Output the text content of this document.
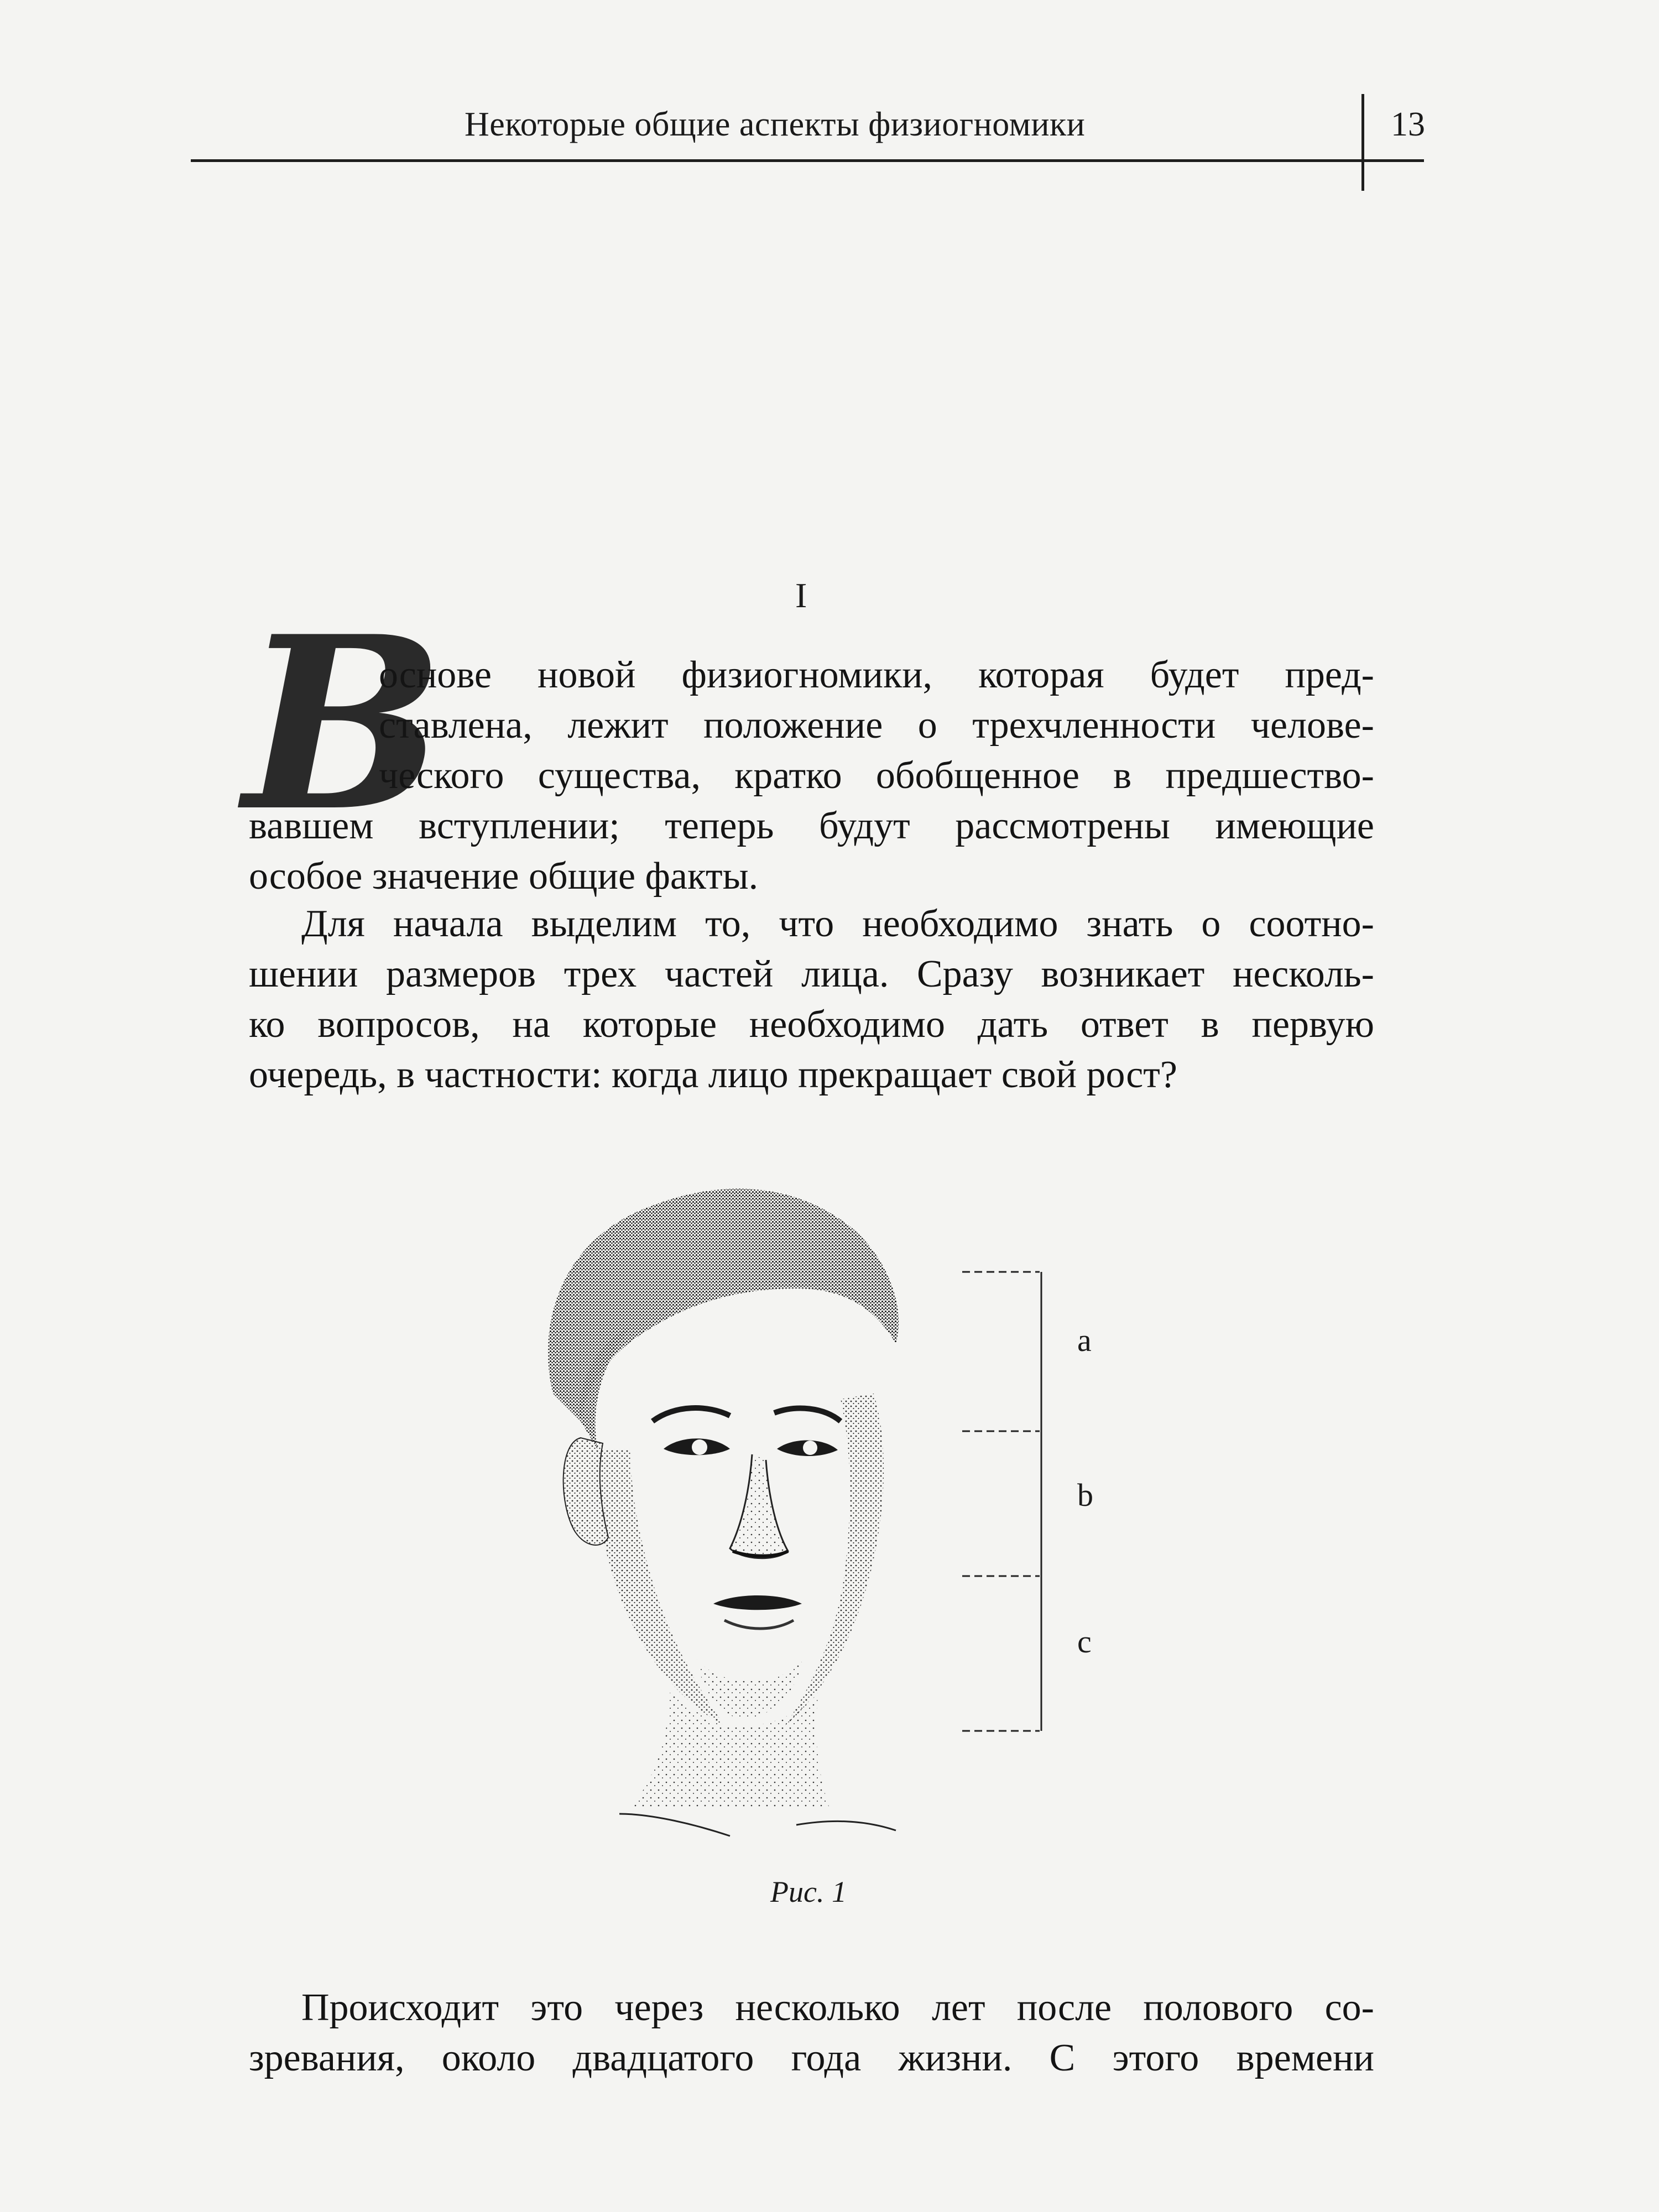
Некоторые общие аспекты физиогномики	13
I
В
основе новой физиогномики, которая будет пред-
ставлена, лежит положение о трехчленности челове-
ческого существа, кратко обобщенное в предшество-
вавшем вступлении; теперь будут рассмотрены имеющие
особое значение общие факты.
Для начала выделим то, что необходимо знать о соотно-
шении размеров трех частей лица. Сразу возникает несколь-
ко вопросов, на которые необходимо дать ответ в первую
очередь, в частности: когда лицо прекращает свой рост?
a
b
c
Рис. 1
Происходит это через несколько лет после полового со-
зревания, около двадцатого года жизни. С этого времени
